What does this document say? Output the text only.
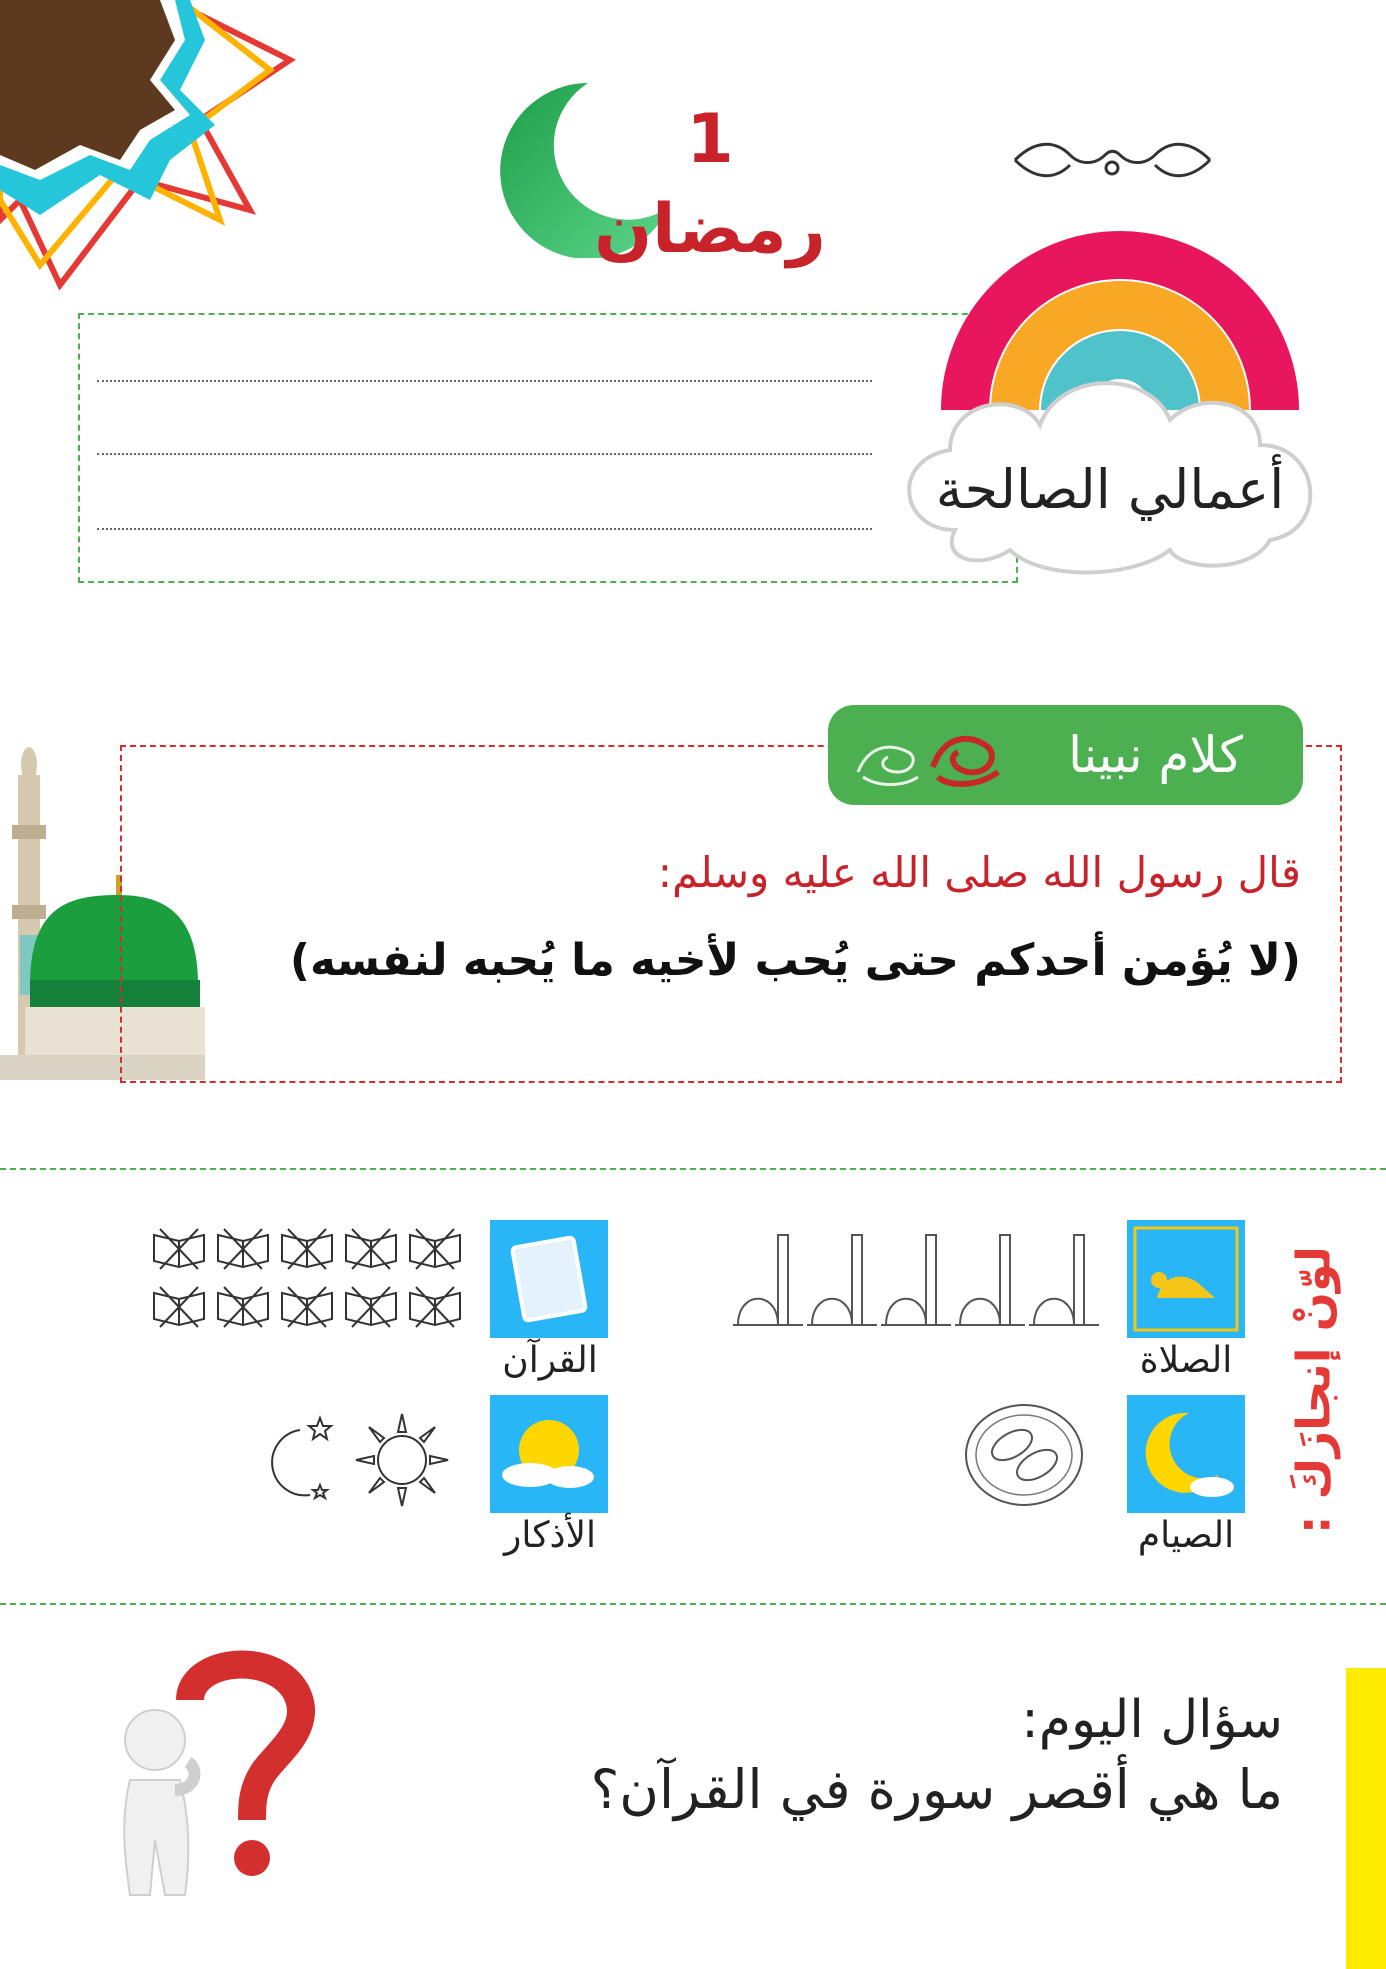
1 رمضان
أعمالي الصالحة
كلام نبينا
قال رسول الله صلى الله عليه وسلم:
(لا يُؤمن أحدكم حتى يُحب لأخيه ما يُحبه لنفسه)
لوّنْ إنجازَكَ :
الصلاة
القرآن
الصيام
الأذكار
سؤال اليوم:
ما هي أقصر سورة في القرآن؟
